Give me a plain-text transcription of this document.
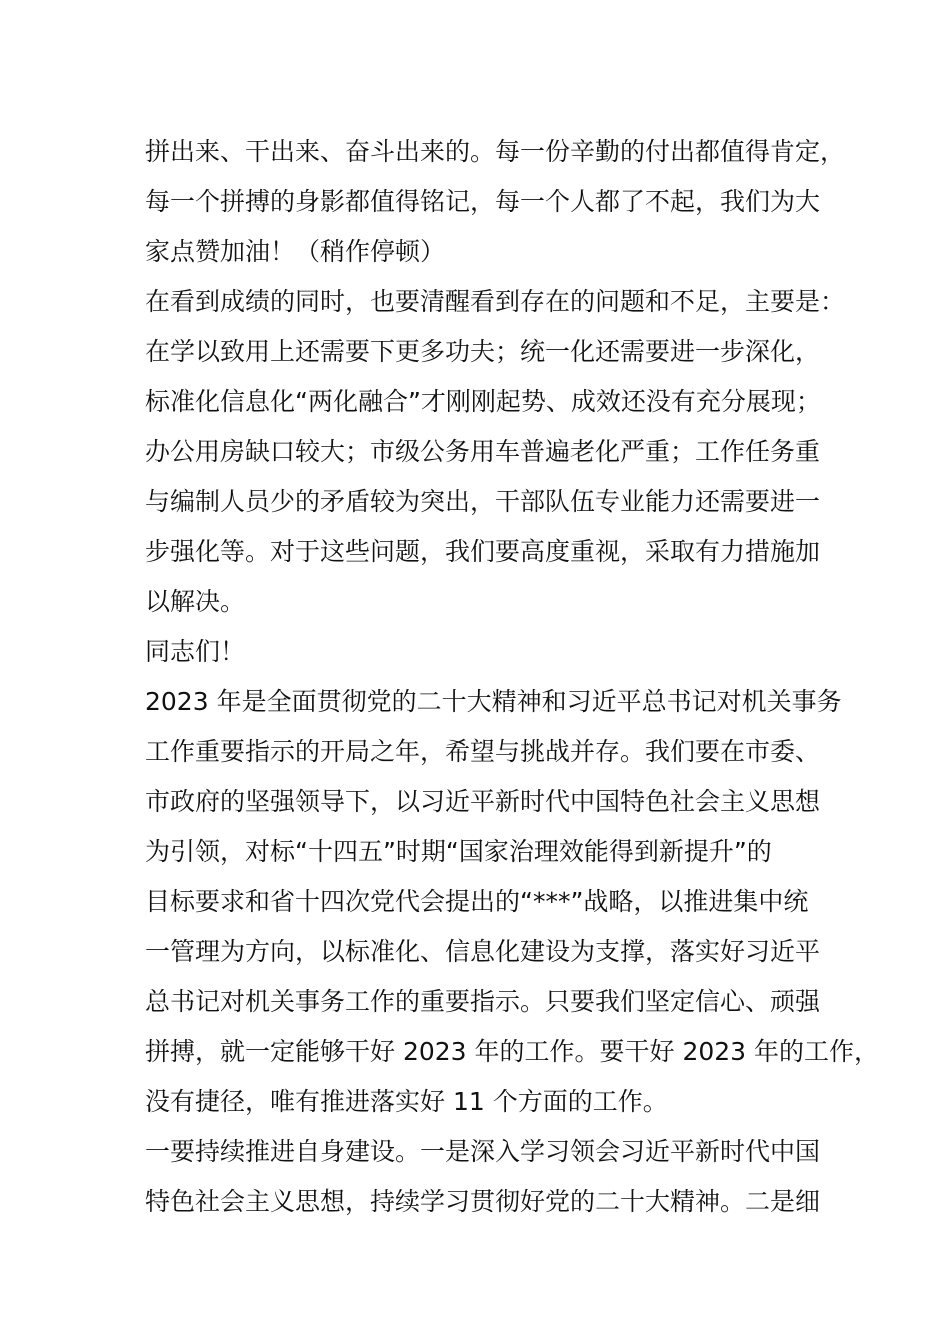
拼出来、干出来、奋斗出来的。每一份辛勤的付出都值得肯定，
每一个拼搏的身影都值得铭记，每一个人都了不起，我们为大
家点赞加油！（稍作停顿）
在看到成绩的同时，也要清醒看到存在的问题和不足，主要是：
在学以致用上还需要下更多功夫；统一化还需要进一步深化，
标准化信息化“两化融合”才刚刚起势、成效还没有充分展现；
办公用房缺口较大；市级公务用车普遍老化严重；工作任务重
与编制人员少的矛盾较为突出，干部队伍专业能力还需要进一
步强化等。对于这些问题，我们要高度重视，采取有力措施加
以解决。
同志们！
2023 年是全面贯彻党的二十大精神和习近平总书记对机关事务
工作重要指示的开局之年，希望与挑战并存。我们要在市委、
市政府的坚强领导下，以习近平新时代中国特色社会主义思想
为引领，对标“十四五”时期“国家治理效能得到新提升”的
目标要求和省十四次党代会提出的“***”战略，以推进集中统
一管理为方向，以标准化、信息化建设为支撑，落实好习近平
总书记对机关事务工作的重要指示。只要我们坚定信心、顽强
拼搏，就一定能够干好 2023 年的工作。要干好 2023 年的工作，
没有捷径，唯有推进落实好 11 个方面的工作。
一要持续推进自身建设。一是深入学习领会习近平新时代中国
特色社会主义思想，持续学习贯彻好党的二十大精神。二是细
